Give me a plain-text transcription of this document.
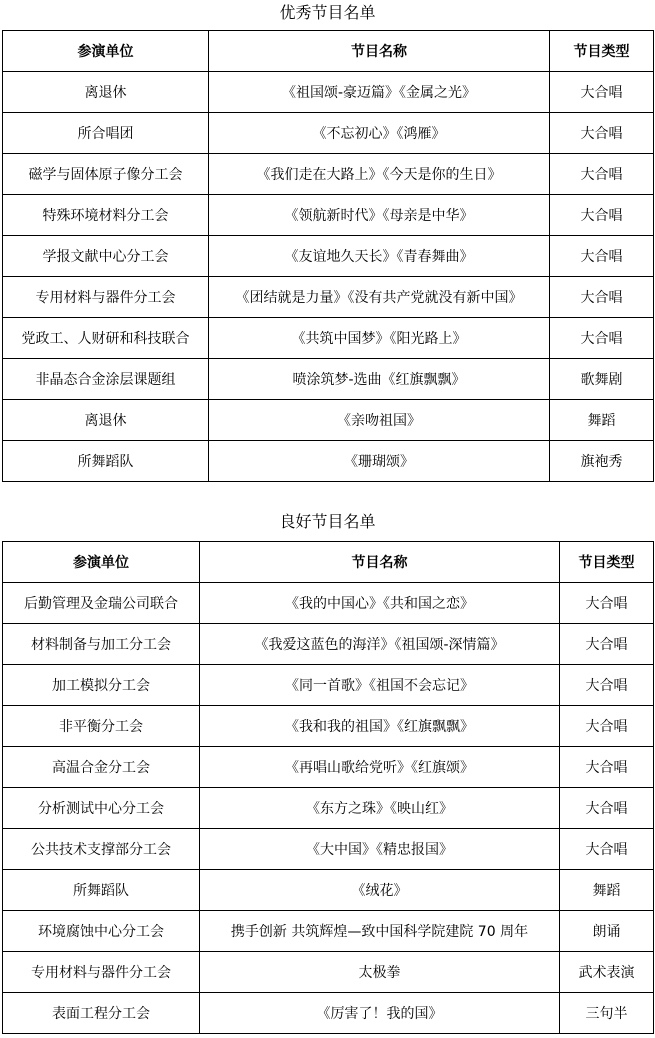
优秀节目名单
参演单位	节目名称	节目类型
离退休	《祖国颂-豪迈篇》《金属之光》	大合唱
所合唱团	《不忘初心》《鸿雁》	大合唱
磁学与固体原子像分工会	《我们走在大路上》《今天是你的生日》	大合唱
特殊环境材料分工会	《领航新时代》《母亲是中华》	大合唱
学报文献中心分工会	《友谊地久天长》《青春舞曲》	大合唱
专用材料与器件分工会	《团结就是力量》《没有共产党就没有新中国》	大合唱
党政工、人财研和科技联合	《共筑中国梦》《阳光路上》	大合唱
非晶态合金涂层课题组	喷涂筑梦-选曲《红旗飘飘》	歌舞剧
离退休	《亲吻祖国》	舞蹈
所舞蹈队	《珊瑚颂》	旗袍秀
良好节目名单
参演单位	节目名称	节目类型
后勤管理及金瑞公司联合	《我的中国心》《共和国之恋》	大合唱
材料制备与加工分工会	《我爱这蓝色的海洋》《祖国颂-深情篇》	大合唱
加工模拟分工会	《同一首歌》《祖国不会忘记》	大合唱
非平衡分工会	《我和我的祖国》《红旗飘飘》	大合唱
高温合金分工会	《再唱山歌给党听》《红旗颂》	大合唱
分析测试中心分工会	《东方之珠》《映山红》	大合唱
公共技术支撑部分工会	《大中国》《精忠报国》	大合唱
所舞蹈队	《绒花》	舞蹈
环境腐蚀中心分工会	携手创新 共筑辉煌—致中国科学院建院 70 周年	朗诵
专用材料与器件分工会	太极拳	武术表演
表面工程分工会	《厉害了！我的国》	三句半
